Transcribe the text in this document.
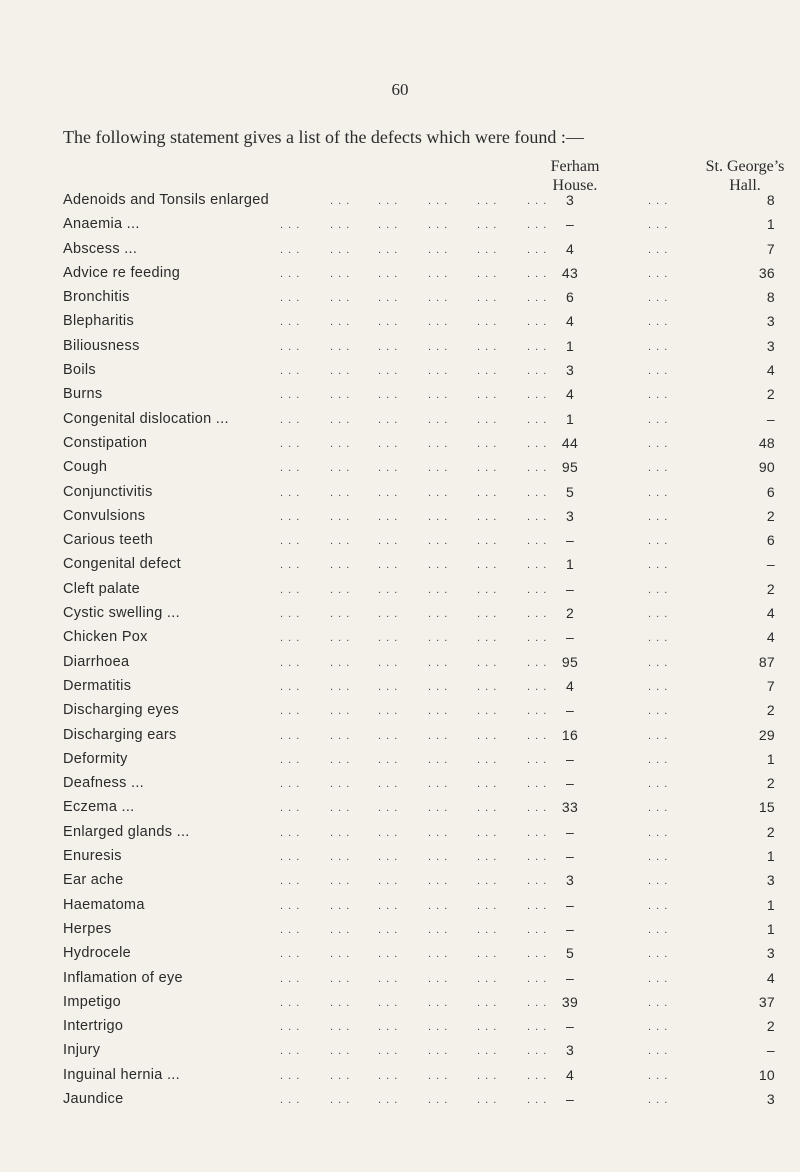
60
The following statement gives a list of the defects which were found :—
Ferham
House.
St. George’s
Hall.
Adenoids and Tonsils enlarged	. . .	. . .	. . .	. . .	. . .	3	. . .	8
Anaemia ...	. . .	. . .	. . .	. . .	. . .	. . .	–	. . .	1
Abscess ...	. . .	. . .	. . .	. . .	. . .	. . .	4	. . .	7
Advice re feeding	. . .	. . .	. . .	. . .	. . .	. . .	43	. . .	36
Bronchitis	. . .	. . .	. . .	. . .	. . .	. . .	6	. . .	8
Blepharitis	. . .	. . .	. . .	. . .	. . .	. . .	4	. . .	3
Biliousness	. . .	. . .	. . .	. . .	. . .	. . .	1	. . .	3
Boils	. . .	. . .	. . .	. . .	. . .	. . .	3	. . .	4
Burns	. . .	. . .	. . .	. . .	. . .	. . .	4	. . .	2
Congenital dislocation ...	. . .	. . .	. . .	. . .	. . .	. . .	1	. . .	–
Constipation	. . .	. . .	. . .	. . .	. . .	. . .	44	. . .	48
Cough	. . .	. . .	. . .	. . .	. . .	. . .	95	. . .	90
Conjunctivitis	. . .	. . .	. . .	. . .	. . .	. . .	5	. . .	6
Convulsions	. . .	. . .	. . .	. . .	. . .	. . .	3	. . .	2
Carious teeth	. . .	. . .	. . .	. . .	. . .	. . .	–	. . .	6
Congenital defect	. . .	. . .	. . .	. . .	. . .	. . .	1	. . .	–
Cleft palate	. . .	. . .	. . .	. . .	. . .	. . .	–	. . .	2
Cystic swelling ...	. . .	. . .	. . .	. . .	. . .	. . .	2	. . .	4
Chicken Pox	. . .	. . .	. . .	. . .	. . .	. . .	–	. . .	4
Diarrhoea	. . .	. . .	. . .	. . .	. . .	. . .	95	. . .	87
Dermatitis	. . .	. . .	. . .	. . .	. . .	. . .	4	. . .	7
Discharging eyes	. . .	. . .	. . .	. . .	. . .	. . .	–	. . .	2
Discharging ears	. . .	. . .	. . .	. . .	. . .	. . .	16	. . .	29
Deformity	. . .	. . .	. . .	. . .	. . .	. . .	–	. . .	1
Deafness ...	. . .	. . .	. . .	. . .	. . .	. . .	–	. . .	2
Eczema ...	. . .	. . .	. . .	. . .	. . .	. . .	33	. . .	15
Enlarged glands ...	. . .	. . .	. . .	. . .	. . .	. . .	–	. . .	2
Enuresis	. . .	. . .	. . .	. . .	. . .	. . .	–	. . .	1
Ear ache	. . .	. . .	. . .	. . .	. . .	. . .	3	. . .	3
Haematoma	. . .	. . .	. . .	. . .	. . .	. . .	–	. . .	1
Herpes	. . .	. . .	. . .	. . .	. . .	. . .	–	. . .	1
Hydrocele	. . .	. . .	. . .	. . .	. . .	. . .	5	. . .	3
Inflamation of eye	. . .	. . .	. . .	. . .	. . .	. . .	–	. . .	4
Impetigo	. . .	. . .	. . .	. . .	. . .	. . .	39	. . .	37
Intertrigo	. . .	. . .	. . .	. . .	. . .	. . .	–	. . .	2
Injury	. . .	. . .	. . .	. . .	. . .	. . .	3	. . .	–
Inguinal hernia ...	. . .	. . .	. . .	. . .	. . .	. . .	4	. . .	10
Jaundice	. . .	. . .	. . .	. . .	. . .	. . .	–	. . .	3
